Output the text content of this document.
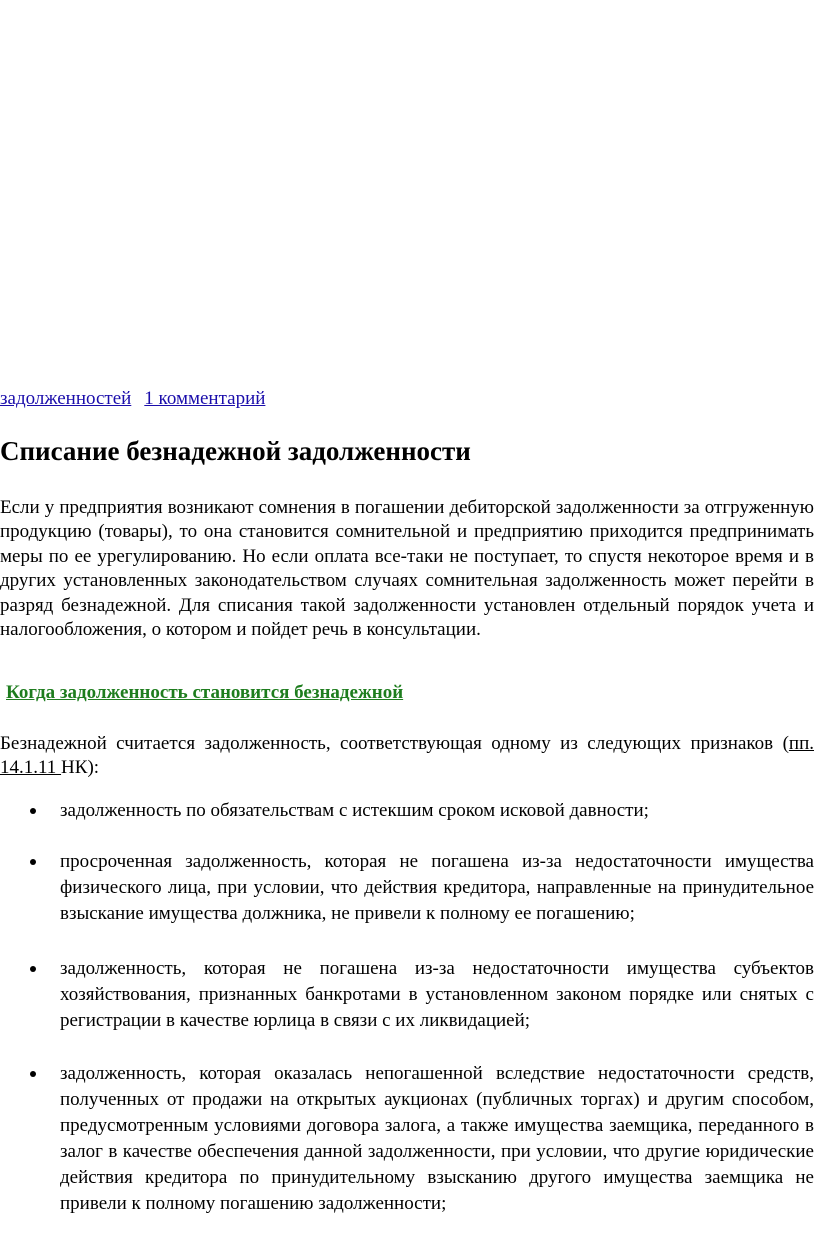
задолженностей 1 комментарий
Списание безнадежной задолженности

Если у предприятия возникают сомнения в погашении дебиторской задолженности за отгруженную продукцию (товары), то она становится сомнительной и предприятию приходится предпринимать меры по ее урегулированию. Но если оплата все-таки не поступает, то спустя некоторое время и в других установленных законодательством случаях сомнительная задолженность может перейти в разряд безнадежной. Для списания такой задолженности установлен отдельный порядок учета и налогообложения, о котором и пойдет речь в консультации.

Когда задолженность становится безнадежной

Безнадежной считается задолженность, соответствующая одному из следующих признаков (пп. 14.1.11 НК):

задолженность по обязательствам с истекшим сроком исковой давности;

просроченная задолженность, которая не погашена из-за недостаточности имущества физического лица, при условии, что действия кредитора, направленные на принудительное взыскание имущества должника, не привели к полному ее погашению;

задолженность, которая не погашена из-за недостаточности имущества субъектов хозяйствования, признанных банкротами в установленном законом порядке или снятых с регистрации в качестве юрлица в связи с их ликвидацией;

задолженность, которая оказалась непогашенной вследствие недостаточности средств, полученных от продажи на открытых аукционах (публичных торгах) и другим способом, предусмотренным условиями договора залога, а также имущества заемщика, переданного в залог в качестве обеспечения данной задолженности, при условии, что другие юридические действия кредитора по принудительному взысканию другого имущества заемщика не привели к полному погашению задолженности;
